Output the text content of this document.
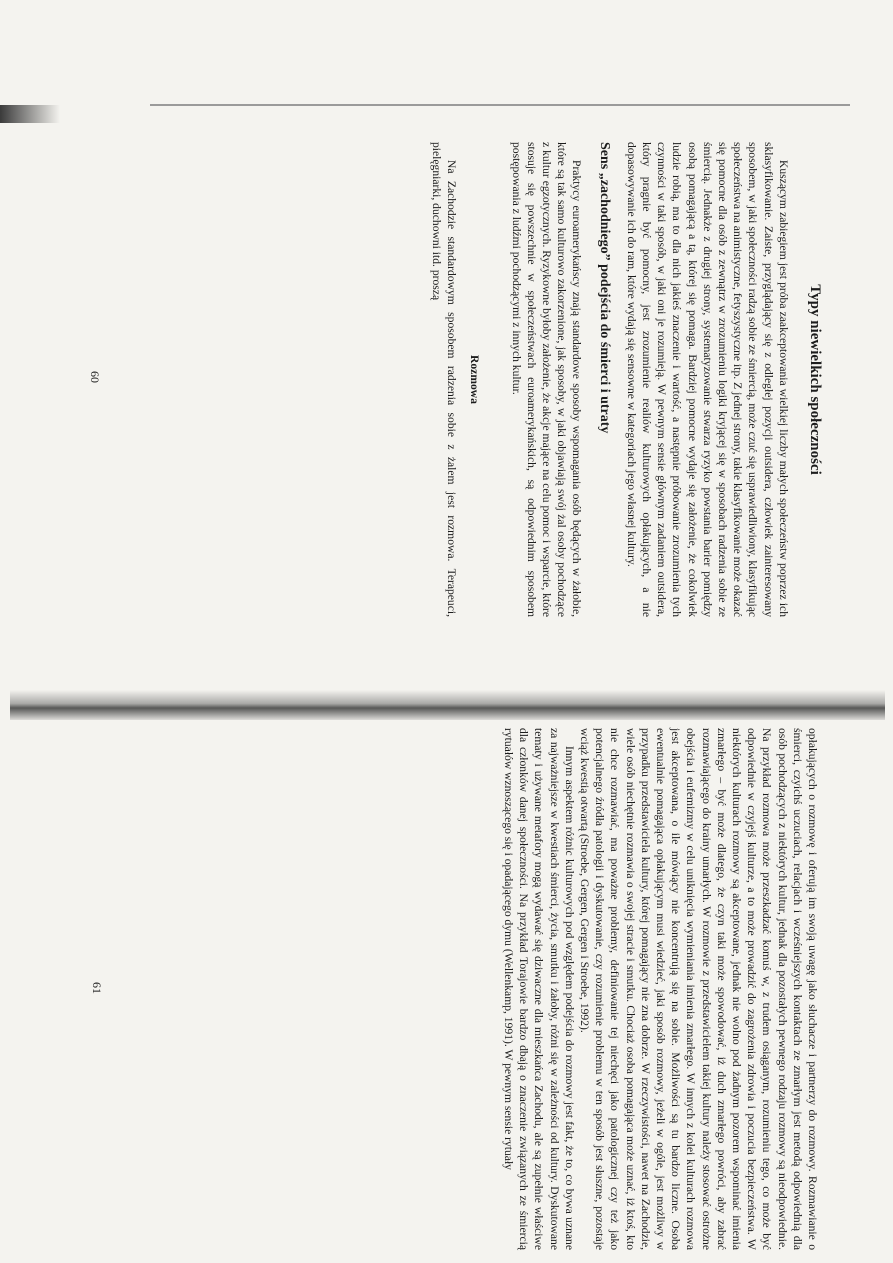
Typy niewielkich społeczności

Kuszącym zabiegiem jest próba zaakceptowania wielkiej liczby małych społeczeństw poprzez ich sklasyfikowanie. Zaiste, przyglądający się z odległej pozycji outsidera, człowiek zainteresowany sposobem, w jaki społeczności radzą sobie ze śmiercią, może czuć się usprawiedliwiony, klasyfikując społeczeństwa na animistyczne, fetyszystyczne itp. Z jednej strony, takie klasyfikowanie może okazać się pomocne dla osób z zewnątrz w zrozumieniu logiki kryjącej się w sposobach radzenia sobie ze śmiercią. Jednakże z drugiej strony, systematyzowanie stwarza ryzyko powstania barier pomiędzy osobą pomagającą a tą, której się pomaga. Bardziej pomocne wydaje się założenie, że cokolwiek ludzie robią, ma to dla nich jakieś znaczenie i wartość, a następnie próbowanie zrozumienia tych czynności w taki sposób, w jaki oni je rozumieją. W pewnym sensie głównym zadaniem outsidera, który pragnie być pomocny, jest zrozumienie realiów kulturowych opłakujących, a nie dopasowywanie ich do ram, które wydają się sensowne w kategoriach jego własnej kultury.

Sens „zachodniego” podejścia do śmierci i utraty

Praktycy euroamerykańscy znają standardowe sposoby wspomagania osób będących w żałobie, które są tak samo kulturowo zakorzenione, jak sposoby, w jaki objawiają swój żal osoby pochodzące z kultur egzotycznych. Ryzykowne byłoby założenie, że akcje mające na celu pomoc i wsparcie, które stosuje się powszechnie w społeczeństwach euroamerykańskich, są odpowiednim sposobem postępowania z ludźmi pochodzącymi z innych kultur.

Rozmowa

Na Zachodzie standardowym sposobem radzenia sobie z żalem jest rozmowa. Terapeuci, pielęgniarki, duchowni itd. proszą

60

opłakujących o rozmowę i oferują im swoją uwagę jako słuchacze i partnerzy do rozmowy. Rozmawianie o śmierci, czyichś uczuciach, relacjach i wcześniejszych kontaktach ze zmarłym jest metodą odpowiednią dla osób pochodzących z niektórych kultur, jednak dla pozostałych pewnego rodzaju rozmowy są nieodpowiednie. Na przykład rozmowa może przeszkadzać komuś w, z trudem osiąganym, rozumieniu tego, co może być odpowiednie w czyjejś kulturze, a to może prowadzić do zagrożenia zdrowia i poczucia bezpieczeństwa. W niektórych kulturach rozmowy są akceptowane, jednak nie wolno pod żadnym pozorem wspominać imienia zmarłego – być może dlatego, że czyn taki może spowodować, iż duch zmarłego powróci, aby zabrać rozmawiającego do krainy umarłych. W rozmowie z przedstawicielem takiej kultury należy stosować ostrożne obejścia i eufemizmy w celu uniknięcia wymieniania imienia zmarłego. W innych z kolei kulturach rozmowa jest akceptowana, o ile mówiący nie koncentrują się na sobie. Możliwości są tu bardzo liczne. Osoba ewentualnie pomagająca opłakującym musi wiedzieć, jaki sposób rozmowy, jeżeli w ogóle, jest możliwy w przypadku przedstawiciela kultury, której pomagający nie zna dobrze. W rzeczywistości, nawet na Zachodzie, wiele osób niechętnie rozmawia o swojej stracie i smutku. Chociaż osoba pomagająca może uznać, iż ktoś, kto nie chce rozmawiać, ma poważne problemy, definiowanie tej niechęci jako patologicznej czy też jako potencjalnego źródła patologii i dyskutowanie, czy rozumienie problemu w ten sposób jest słuszne, pozostaje wciąż kwestią otwartą (Stroebe, Gergen, Gergen i Stroebe, 1992).

Innym aspektem różnic kulturowych pod względem podejścia do rozmowy jest fakt, że to, co bywa uznane za najważniejsze w kwestiach śmierci, życia, smutku i żałoby, różni się w zależności od kultury. Dyskutowane tematy i używane metafory mogą wydawać się dziwaczne dla mieszkańca Zachodu, ale są zupełnie właściwe dla członków danej społeczności. Na przykład Torajowie bardzo dbają o znaczenie związanych ze śmiercią rytuałów wznoszącego się i opadającego dymu (Wellenkamp, 1991). W pewnym sensie rytuały

61
